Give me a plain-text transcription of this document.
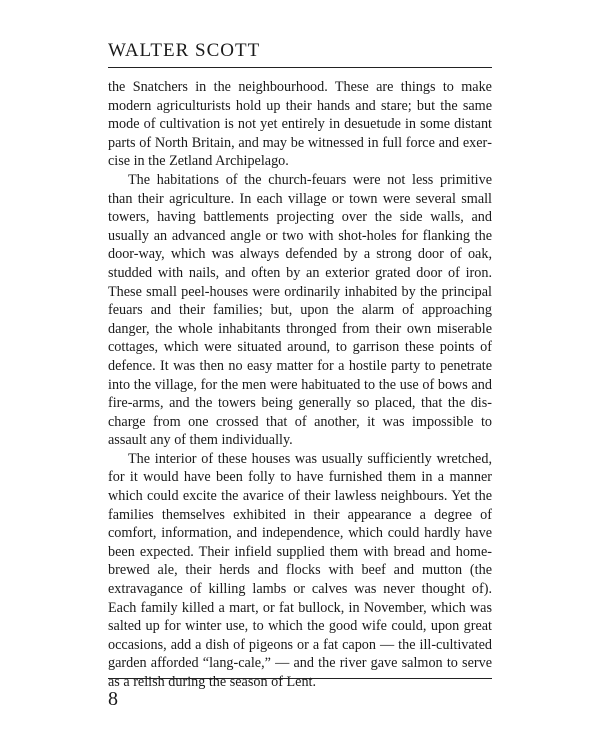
WALTER SCOTT

the Snatchers in the neighbourhood. These are things to make modern agriculturists hold up their hands and stare; but the same mode of cultivation is not yet entirely in desuetude in some distant parts of North Britain, and may be witnessed in full force and exercise in the Zetland Archipelago.

The habitations of the church-feuars were not less primitive than their agriculture. In each village or town were several small towers, having battlements projecting over the side walls, and usually an advanced angle or two with shot-holes for flanking the door-way, which was always defended by a strong door of oak, studded with nails, and often by an exterior grated door of iron. These small peel-houses were ordinarily inhabited by the principal feuars and their families; but, upon the alarm of approaching danger, the whole inhabitants thronged from their own miserable cottages, which were situated around, to garrison these points of defence. It was then no easy matter for a hostile party to penetrate into the village, for the men were habituated to the use of bows and fire-arms, and the towers being generally so placed, that the discharge from one crossed that of another, it was impossible to assault any of them individually.

The interior of these houses was usually sufficiently wretched, for it would have been folly to have furnished them in a manner which could excite the avarice of their lawless neighbours. Yet the families themselves exhibited in their appearance a degree of comfort, information, and independence, which could hardly have been expected. Their infield supplied them with bread and home-brewed ale, their herds and flocks with beef and mutton (the extravagance of killing lambs or calves was never thought of). Each family killed a mart, or fat bullock, in November, which was salted up for winter use, to which the good wife could, upon great occasions, add a dish of pigeons or a fat capon — the ill-cultivated garden afforded “lang-cale,” — and the river gave salmon to serve as a relish during the season of Lent.

8
